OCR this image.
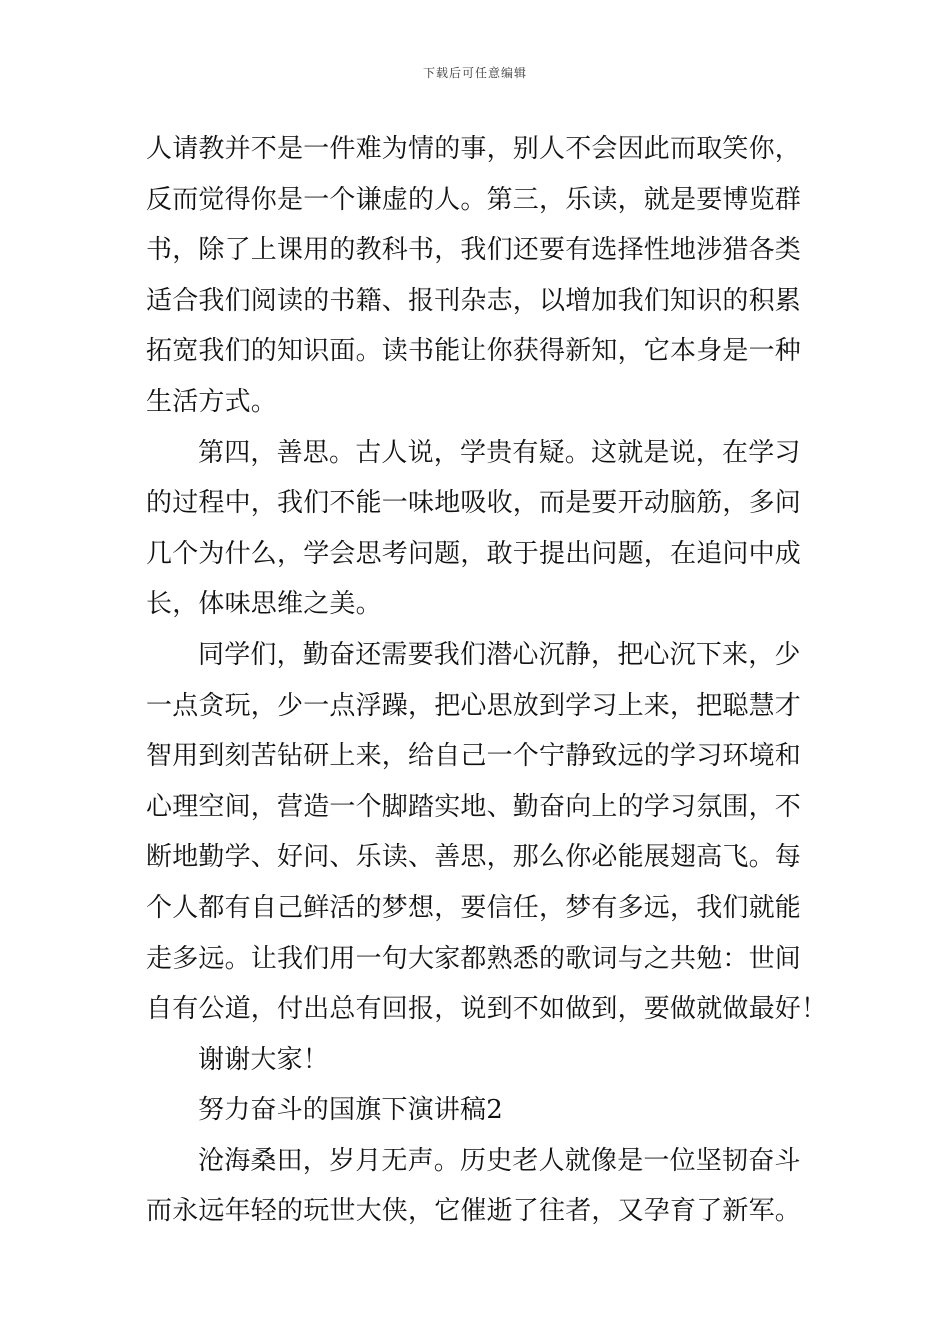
下载后可任意编辑
人请教并不是一件难为情的事，别人不会因此而取笑你，
反而觉得你是一个谦虚的人。第三，乐读，就是要博览群
书，除了上课用的教科书，我们还要有选择性地涉猎各类
适合我们阅读的书籍、报刊杂志，以增加我们知识的积累
拓宽我们的知识面。读书能让你获得新知，它本身是一种
生活方式。
第四，善思。古人说，学贵有疑。这就是说，在学习
的过程中，我们不能一味地吸收，而是要开动脑筋，多问
几个为什么，学会思考问题，敢于提出问题，在追问中成
长，体味思维之美。
同学们，勤奋还需要我们潜心沉静，把心沉下来，少
一点贪玩，少一点浮躁，把心思放到学习上来，把聪慧才
智用到刻苦钻研上来，给自己一个宁静致远的学习环境和
心理空间，营造一个脚踏实地、勤奋向上的学习氛围，不
断地勤学、好问、乐读、善思，那么你必能展翅高飞。每
个人都有自己鲜活的梦想，要信任，梦有多远，我们就能
走多远。让我们用一句大家都熟悉的歌词与之共勉：世间
自有公道，付出总有回报，说到不如做到，要做就做最好！
谢谢大家！
努力奋斗的国旗下演讲稿2
沧海桑田，岁月无声。历史老人就像是一位坚韧奋斗
而永远年轻的玩世大侠，它催逝了往者，又孕育了新军。
